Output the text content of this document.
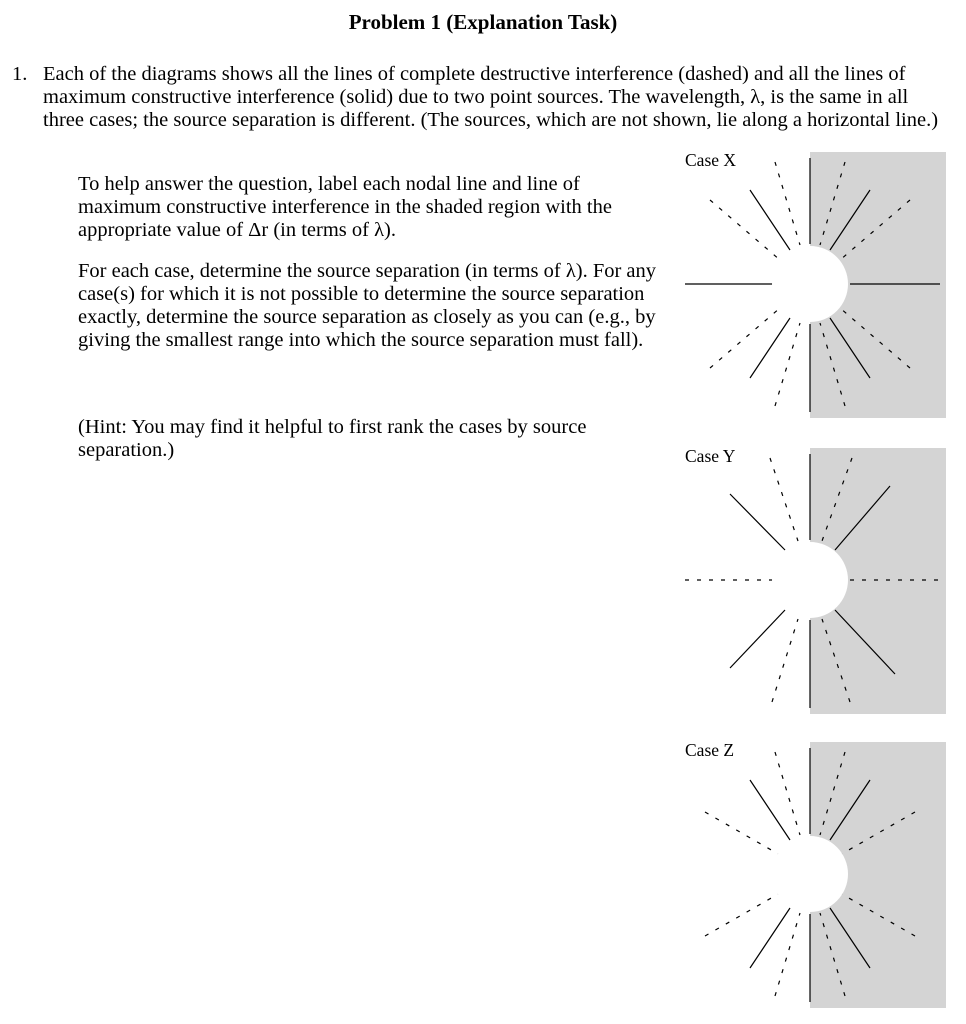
Problem 1 (Explanation Task)
1. Each of the diagrams shows all the lines of complete destructive interference (dashed) and all the lines of maximum constructive interference (solid) due to two point sources. The wavelength, λ, is the same in all three cases; the source separation is different. (The sources, which are not shown, lie along a horizontal line.)
To help answer the question, label each nodal line and line of maximum constructive interference in the shaded region with the appropriate value of Δr (in terms of λ).
For each case, determine the source separation (in terms of λ). For any case(s) for which it is not possible to determine the source separation exactly, determine the source separation as closely as you can (e.g., by giving the smallest range into which the source separation must fall).
(Hint: You may find it helpful to first rank the cases by source separation.)
Case X
Case Y
Case Z
